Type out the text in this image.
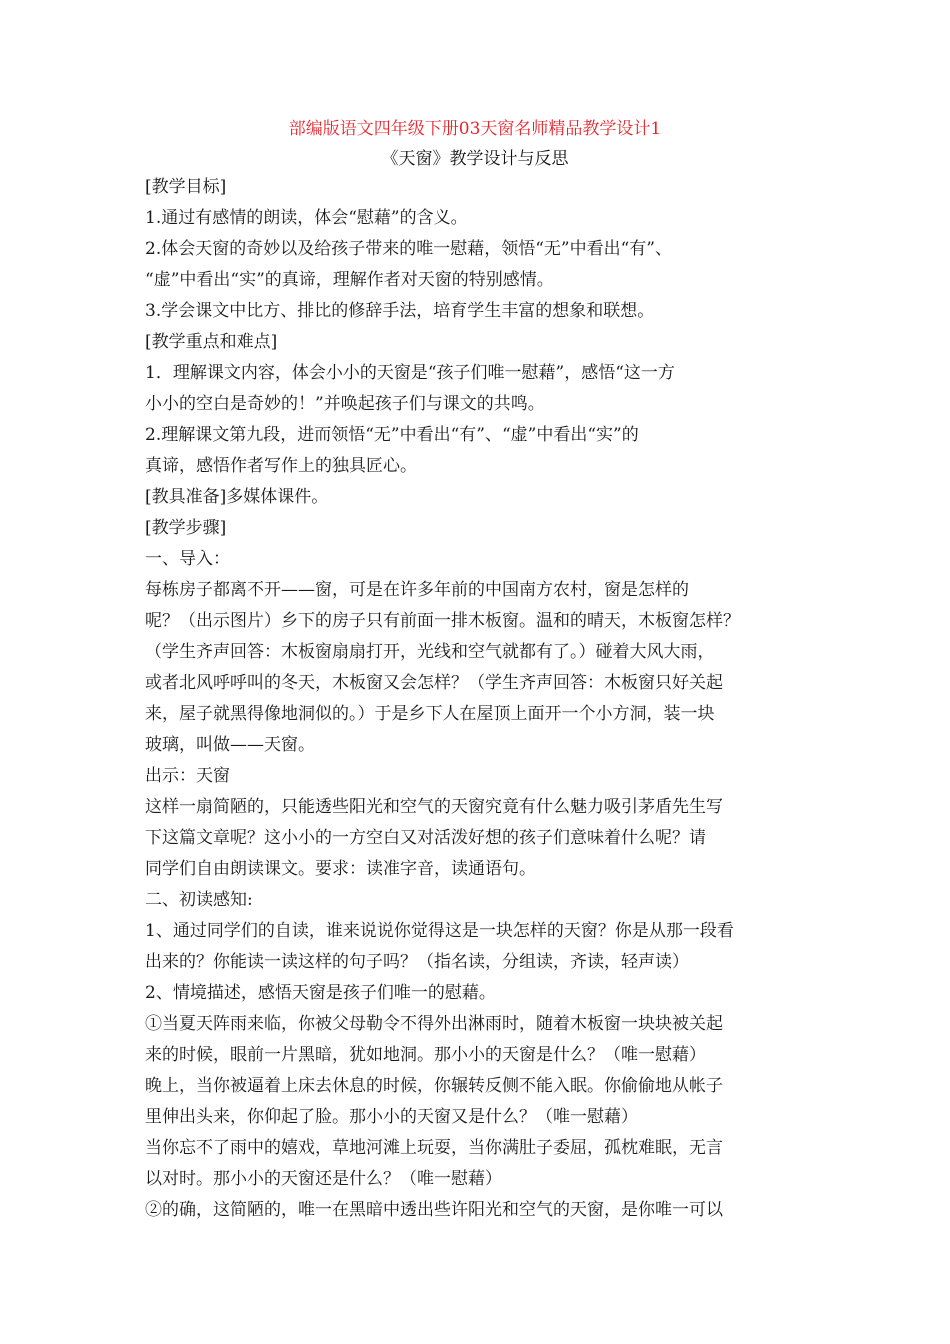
部编版语文四年级下册03天窗名师精品教学设计1
《天窗》教学设计与反思

[教学目标]

1.通过有感情的朗读，体会“慰藉”的含义。

2.体会天窗的奇妙以及给孩子带来的唯一慰藉，领悟“无”中看出“有”、

“虚”中看出“实”的真谛，理解作者对天窗的特别感情。

3.学会课文中比方、排比的修辞手法，培育学生丰富的想象和联想。

[教学重点和难点]

1．理解课文内容，体会小小的天窗是“孩子们唯一慰藉”，感悟“这一方

小小的空白是奇妙的！”并唤起孩子们与课文的共鸣。

2.理解课文第九段，进而领悟“无”中看出“有”、“虚”中看出“实”的

真谛，感悟作者写作上的独具匠心。

[教具准备]多媒体课件。

[教学步骤]

一、导入：

每栋房子都离不开——窗，可是在许多年前的中国南方农村，窗是怎样的

呢？（出示图片）乡下的房子只有前面一排木板窗。温和的晴天，木板窗怎样？

（学生齐声回答：木板窗扇扇打开，光线和空气就都有了。）碰着大风大雨，

或者北风呼呼叫的冬天，木板窗又会怎样？（学生齐声回答：木板窗只好关起

来，屋子就黑得像地洞似的。）于是乡下人在屋顶上面开一个小方洞，装一块

玻璃，叫做——天窗。

出示：天窗

这样一扇简陋的，只能透些阳光和空气的天窗究竟有什么魅力吸引茅盾先生写

下这篇文章呢？这小小的一方空白又对活泼好想的孩子们意味着什么呢？请

同学们自由朗读课文。要求：读准字音，读通语句。

二、初读感知:

1、通过同学们的自读，谁来说说你觉得这是一块怎样的天窗？你是从那一段看

出来的？你能读一读这样的句子吗？（指名读，分组读，齐读，轻声读）

2、情境描述，感悟天窗是孩子们唯一的慰藉。

①当夏天阵雨来临，你被父母勒令不得外出淋雨时，随着木板窗一块块被关起

来的时候，眼前一片黑暗，犹如地洞。那小小的天窗是什么？（唯一慰藉）

晚上，当你被逼着上床去休息的时候，你辗转反侧不能入眠。你偷偷地从帐子

里伸出头来，你仰起了脸。那小小的天窗又是什么？（唯一慰藉）

当你忘不了雨中的嬉戏，草地河滩上玩耍，当你满肚子委屈，孤枕难眠，无言

以对时。那小小的天窗还是什么？（唯一慰藉）

②的确，这简陋的，唯一在黑暗中透出些许阳光和空气的天窗，是你唯一可以
